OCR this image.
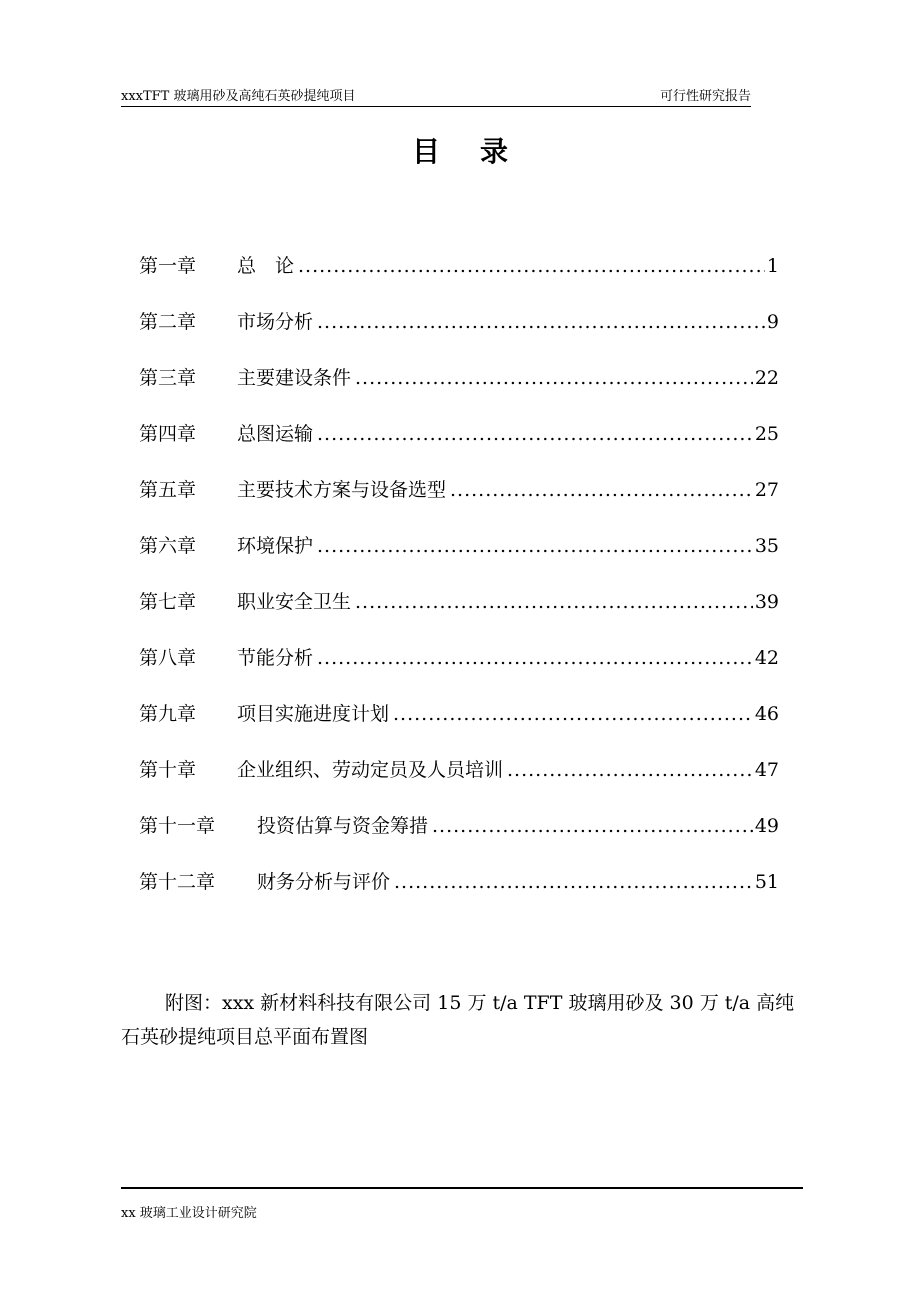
xxxTFT 玻璃用砂及高纯石英砂提纯项目	可行性研究报告
目录
第一章	总　论 .....	1
第二章	市场分析 .....	9
第三章	主要建设条件 .....	22
第四章	总图运输 .....	25
第五章	主要技术方案与设备选型 .....	27
第六章	环境保护 .....	35
第七章	职业安全卫生 .....	39
第八章	节能分析 .....	42
第九章	项目实施进度计划 .....	46
第十章	企业组织、劳动定员及人员培训 .....	47
第十一章	投资估算与资金筹措 .....	49
第十二章	财务分析与评价 .....	51

附图：xxx 新材料科技有限公司 15 万 t/a TFT 玻璃用砂及 30 万 t/a 高纯石英砂提纯项目总平面布置图

xx 玻璃工业设计研究院
